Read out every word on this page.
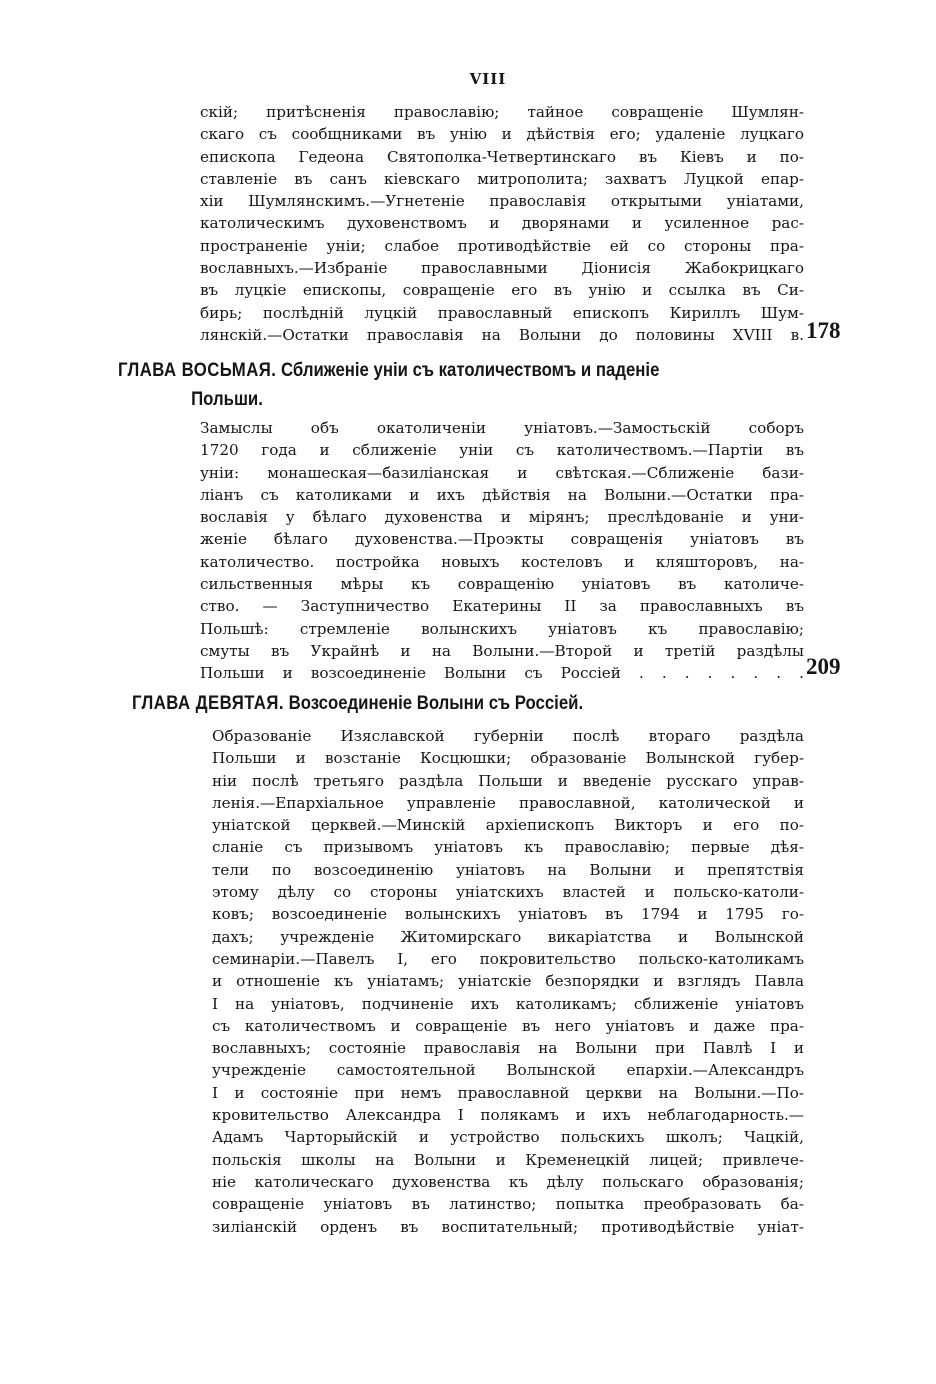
VIII
скій; притѣсненія православію; тайное совращеніе Шумлян-
скаго съ сообщниками въ унію и дѣйствія его; удаленіе луцкаго
епископа Гедеона Святополка-Четвертинскаго въ Кіевъ и по-
ставленіе въ санъ кіевскаго митрополита; захватъ Луцкой епар-
хіи Шумлянскимъ.—Угнетеніе православія открытыми уніатами,
католическимъ духовенствомъ и дворянами и усиленное рас-
пространеніе уніи; слабое противодѣйствіе ей со стороны пра-
вославныхъ.—Избраніе православными Діонисія Жабокрицкаго
въ луцкіе епископы, совращеніе его въ унію и ссылка въ Си-
бирь; послѣдній луцкій православный епископъ Кириллъ Шум-
лянскій.—Остатки православія на Волыни до половины XVIII в. 178
ГЛАВА ВОСЬМАЯ. Сближеніе уніи съ католичествомъ и паденіе
Польши.
Замыслы объ окатоличеніи уніатовъ.—Замостьскій соборъ
1720 года и сближеніе уніи съ католичествомъ.—Партіи въ
уніи: монашеская—базиліанская и свѣтская.—Сближеніе бази-
ліанъ съ католиками и ихъ дѣйствія на Волыни.—Остатки пра-
вославія у бѣлаго духовенства и мірянъ; преслѣдованіе и уни-
женіе бѣлаго духовенства.—Проэкты совращенія уніатовъ въ
католичество. постройка новыхъ костеловъ и кляшторовъ, на-
сильственныя мѣры къ совращенію уніатовъ въ католиче-
ство. — Заступничество Екатерины II за православныхъ въ
Польшѣ: стремленіе волынскихъ уніатовъ къ православію;
смуты въ Украйнѣ и на Волыни.—Второй и третій раздѣлы
Польши и возсоединеніе Волыни съ Россіей . . . . . . . . 209
ГЛАВА ДЕВЯТАЯ. Возсоединеніе Волыни съ Россіей.
Образованіе Изяславской губерніи послѣ втораго раздѣла
Польши и возстаніе Косцюшки; образованіе Волынской губер-
ніи послѣ третьяго раздѣла Польши и введеніе русскаго управ-
ленія.—Епархіальное управленіе православной, католической и
уніатской церквей.—Минскій архіепископъ Викторъ и его по-
сланіе съ призывомъ уніатовъ къ православію; первые дѣя-
тели по возсоединенію уніатовъ на Волыни и препятствія
этому дѣлу со стороны уніатскихъ властей и польско-католи-
ковъ; возсоединеніе волынскихъ уніатовъ въ 1794 и 1795 го-
дахъ; учрежденіе Житомирскаго викаріатства и Волынской
семинаріи.—Павелъ I, его покровительство польско-католикамъ
и отношеніе къ уніатамъ; уніатскіе безпорядки и взглядъ Павла
I на уніатовъ, подчиненіе ихъ католикамъ; сближеніе уніатовъ
съ католичествомъ и совращеніе въ него уніатовъ и даже пра-
вославныхъ; состояніе православія на Волыни при Павлѣ I и
учрежденіе самостоятельной Волынской епархіи.—Александръ
I и состояніе при немъ православной церкви на Волыни.—По-
кровительство Александра I полякамъ и ихъ неблагодарность.—
Адамъ Чарторыйскій и устройство польскихъ школъ; Чацкій,
польскія школы на Волыни и Кременецкій лицей; привлече-
ніе католическаго духовенства къ дѣлу польскаго образованія;
совращеніе уніатовъ въ латинство; попытка преобразовать ба-
зиліанскій орденъ въ воспитательный; противодѣйствіе уніат-
